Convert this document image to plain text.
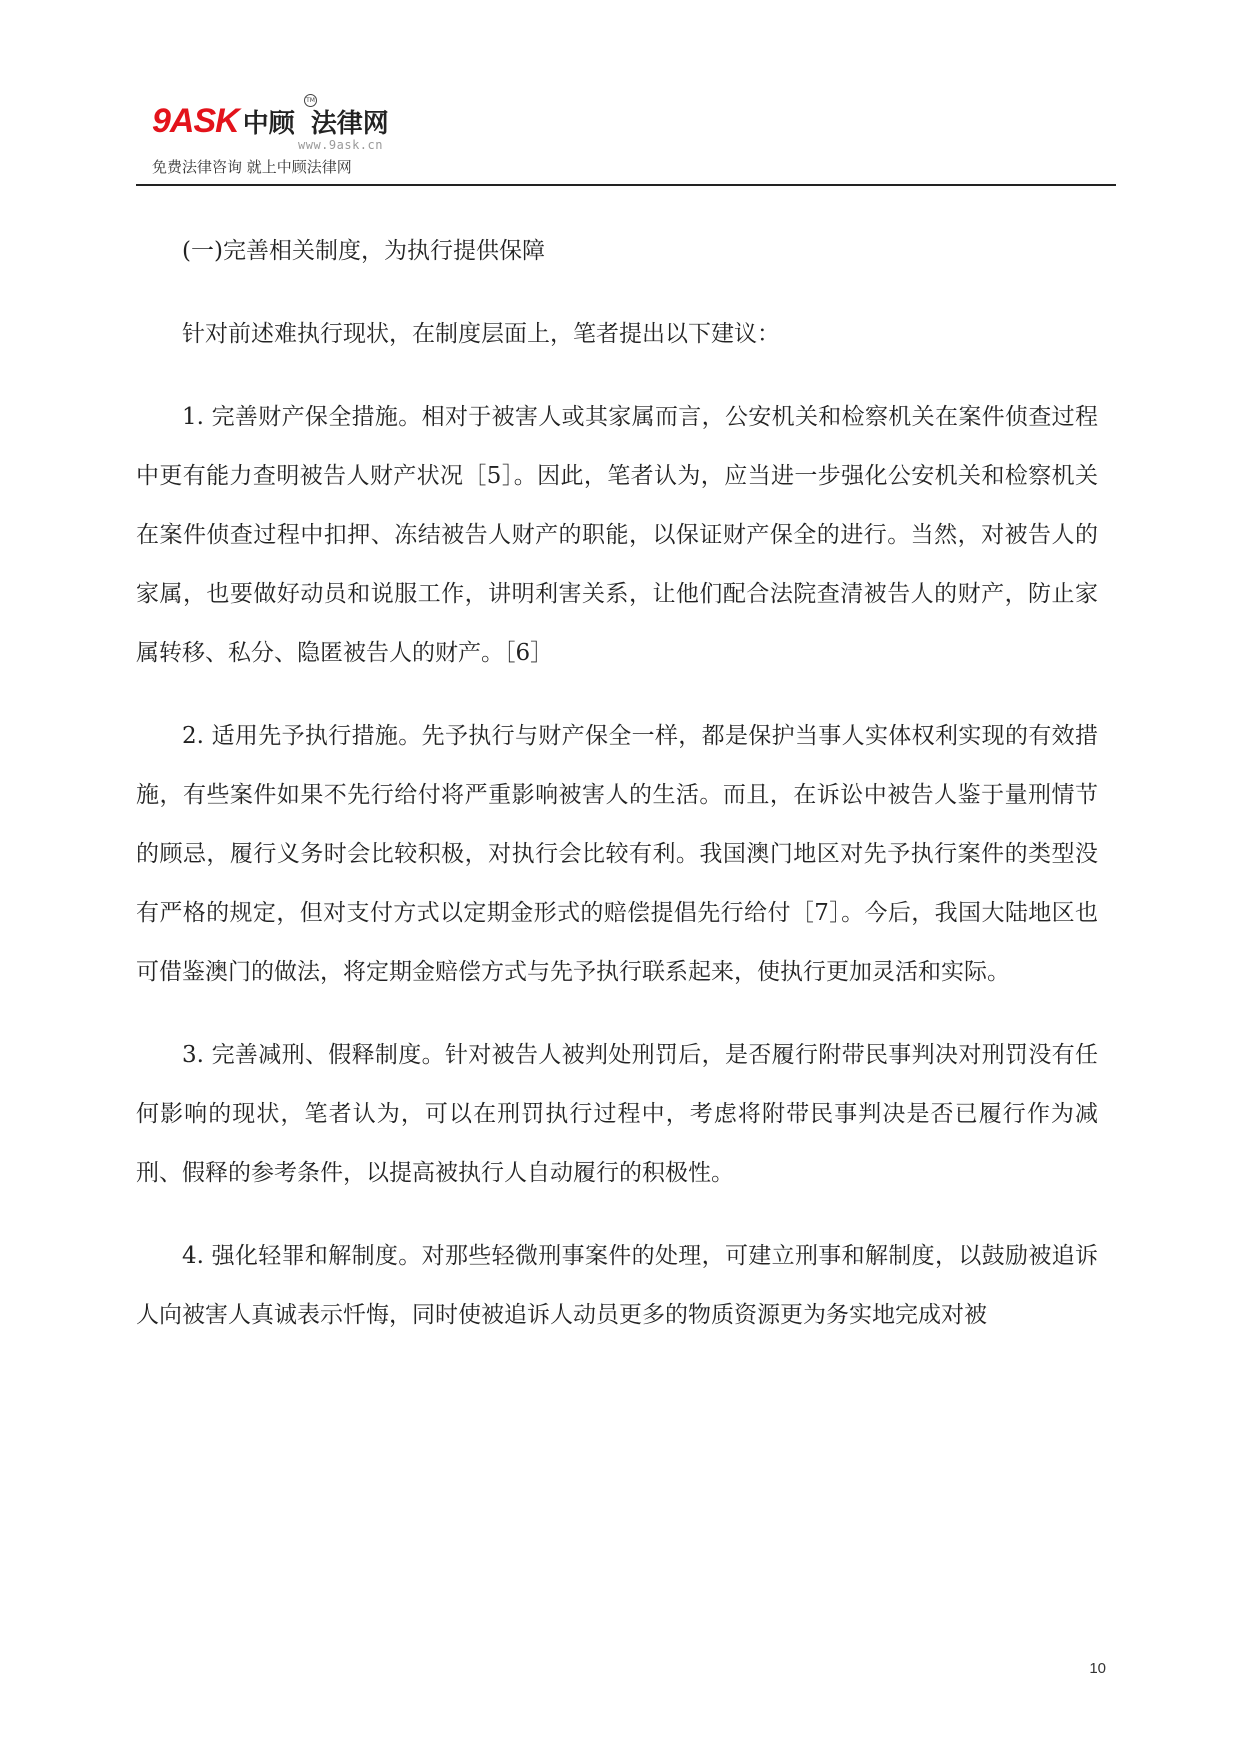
9ASK 中顾 法律网
TM
www.9ask.cn
免费法律咨询 就上中顾法律网

(一)完善相关制度，为执行提供保障

针对前述难执行现状，在制度层面上，笔者提出以下建议：

1. 完善财产保全措施。相对于被害人或其家属而言，公安机关和检察机关在案件侦查过程中更有能力查明被告人财产状况［5］。因此，笔者认为，应当进一步强化公安机关和检察机关在案件侦查过程中扣押、冻结被告人财产的职能，以保证财产保全的进行。当然，对被告人的家属，也要做好动员和说服工作，讲明利害关系，让他们配合法院查清被告人的财产，防止家属转移、私分、隐匿被告人的财产。［6］

2. 适用先予执行措施。先予执行与财产保全一样，都是保护当事人实体权利实现的有效措施，有些案件如果不先行给付将严重影响被害人的生活。而且，在诉讼中被告人鉴于量刑情节的顾忌，履行义务时会比较积极，对执行会比较有利。我国澳门地区对先予执行案件的类型没有严格的规定，但对支付方式以定期金形式的赔偿提倡先行给付［7］。今后，我国大陆地区也可借鉴澳门的做法，将定期金赔偿方式与先予执行联系起来，使执行更加灵活和实际。

3. 完善减刑、假释制度。针对被告人被判处刑罚后，是否履行附带民事判决对刑罚没有任何影响的现状，笔者认为，可以在刑罚执行过程中，考虑将附带民事判决是否已履行作为减刑、假释的参考条件，以提高被执行人自动履行的积极性。

4. 强化轻罪和解制度。对那些轻微刑事案件的处理，可建立刑事和解制度，以鼓励被追诉人向被害人真诚表示忏悔，同时使被追诉人动员更多的物质资源更为务实地完成对被

10
